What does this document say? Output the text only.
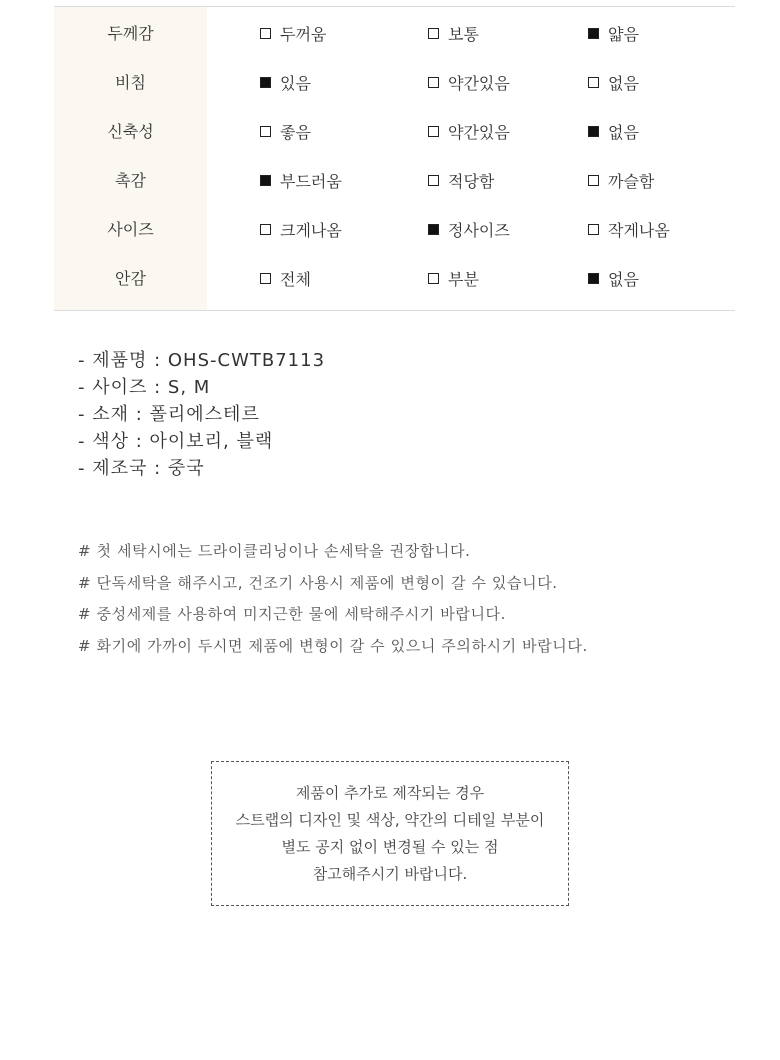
두께감	두꺼움	보통	얇음
비침	있음	약간있음	없음
신축성	좋음	약간있음	없음
촉감	부드러움	적당함	까슬함
사이즈	크게나옴	정사이즈	작게나옴
안감	전체	부분	없음
- 제품명 : OHS-CWTB7113
- 사이즈 : S, M
- 소재 : 폴리에스테르
- 색상 : 아이보리, 블랙
- 제조국 : 중국
# 첫 세탁시에는 드라이클리닝이나 손세탁을 권장합니다.
# 단독세탁을 해주시고, 건조기 사용시 제품에 변형이 갈 수 있습니다.
# 중성세제를 사용하여 미지근한 물에 세탁해주시기 바랍니다.
# 화기에 가까이 두시면 제품에 변형이 갈 수 있으니 주의하시기 바랍니다.
제품이 추가로 제작되는 경우
스트랩의 디자인 및 색상, 약간의 디테일 부분이
별도 공지 없이 변경될 수 있는 점
참고해주시기 바랍니다.
